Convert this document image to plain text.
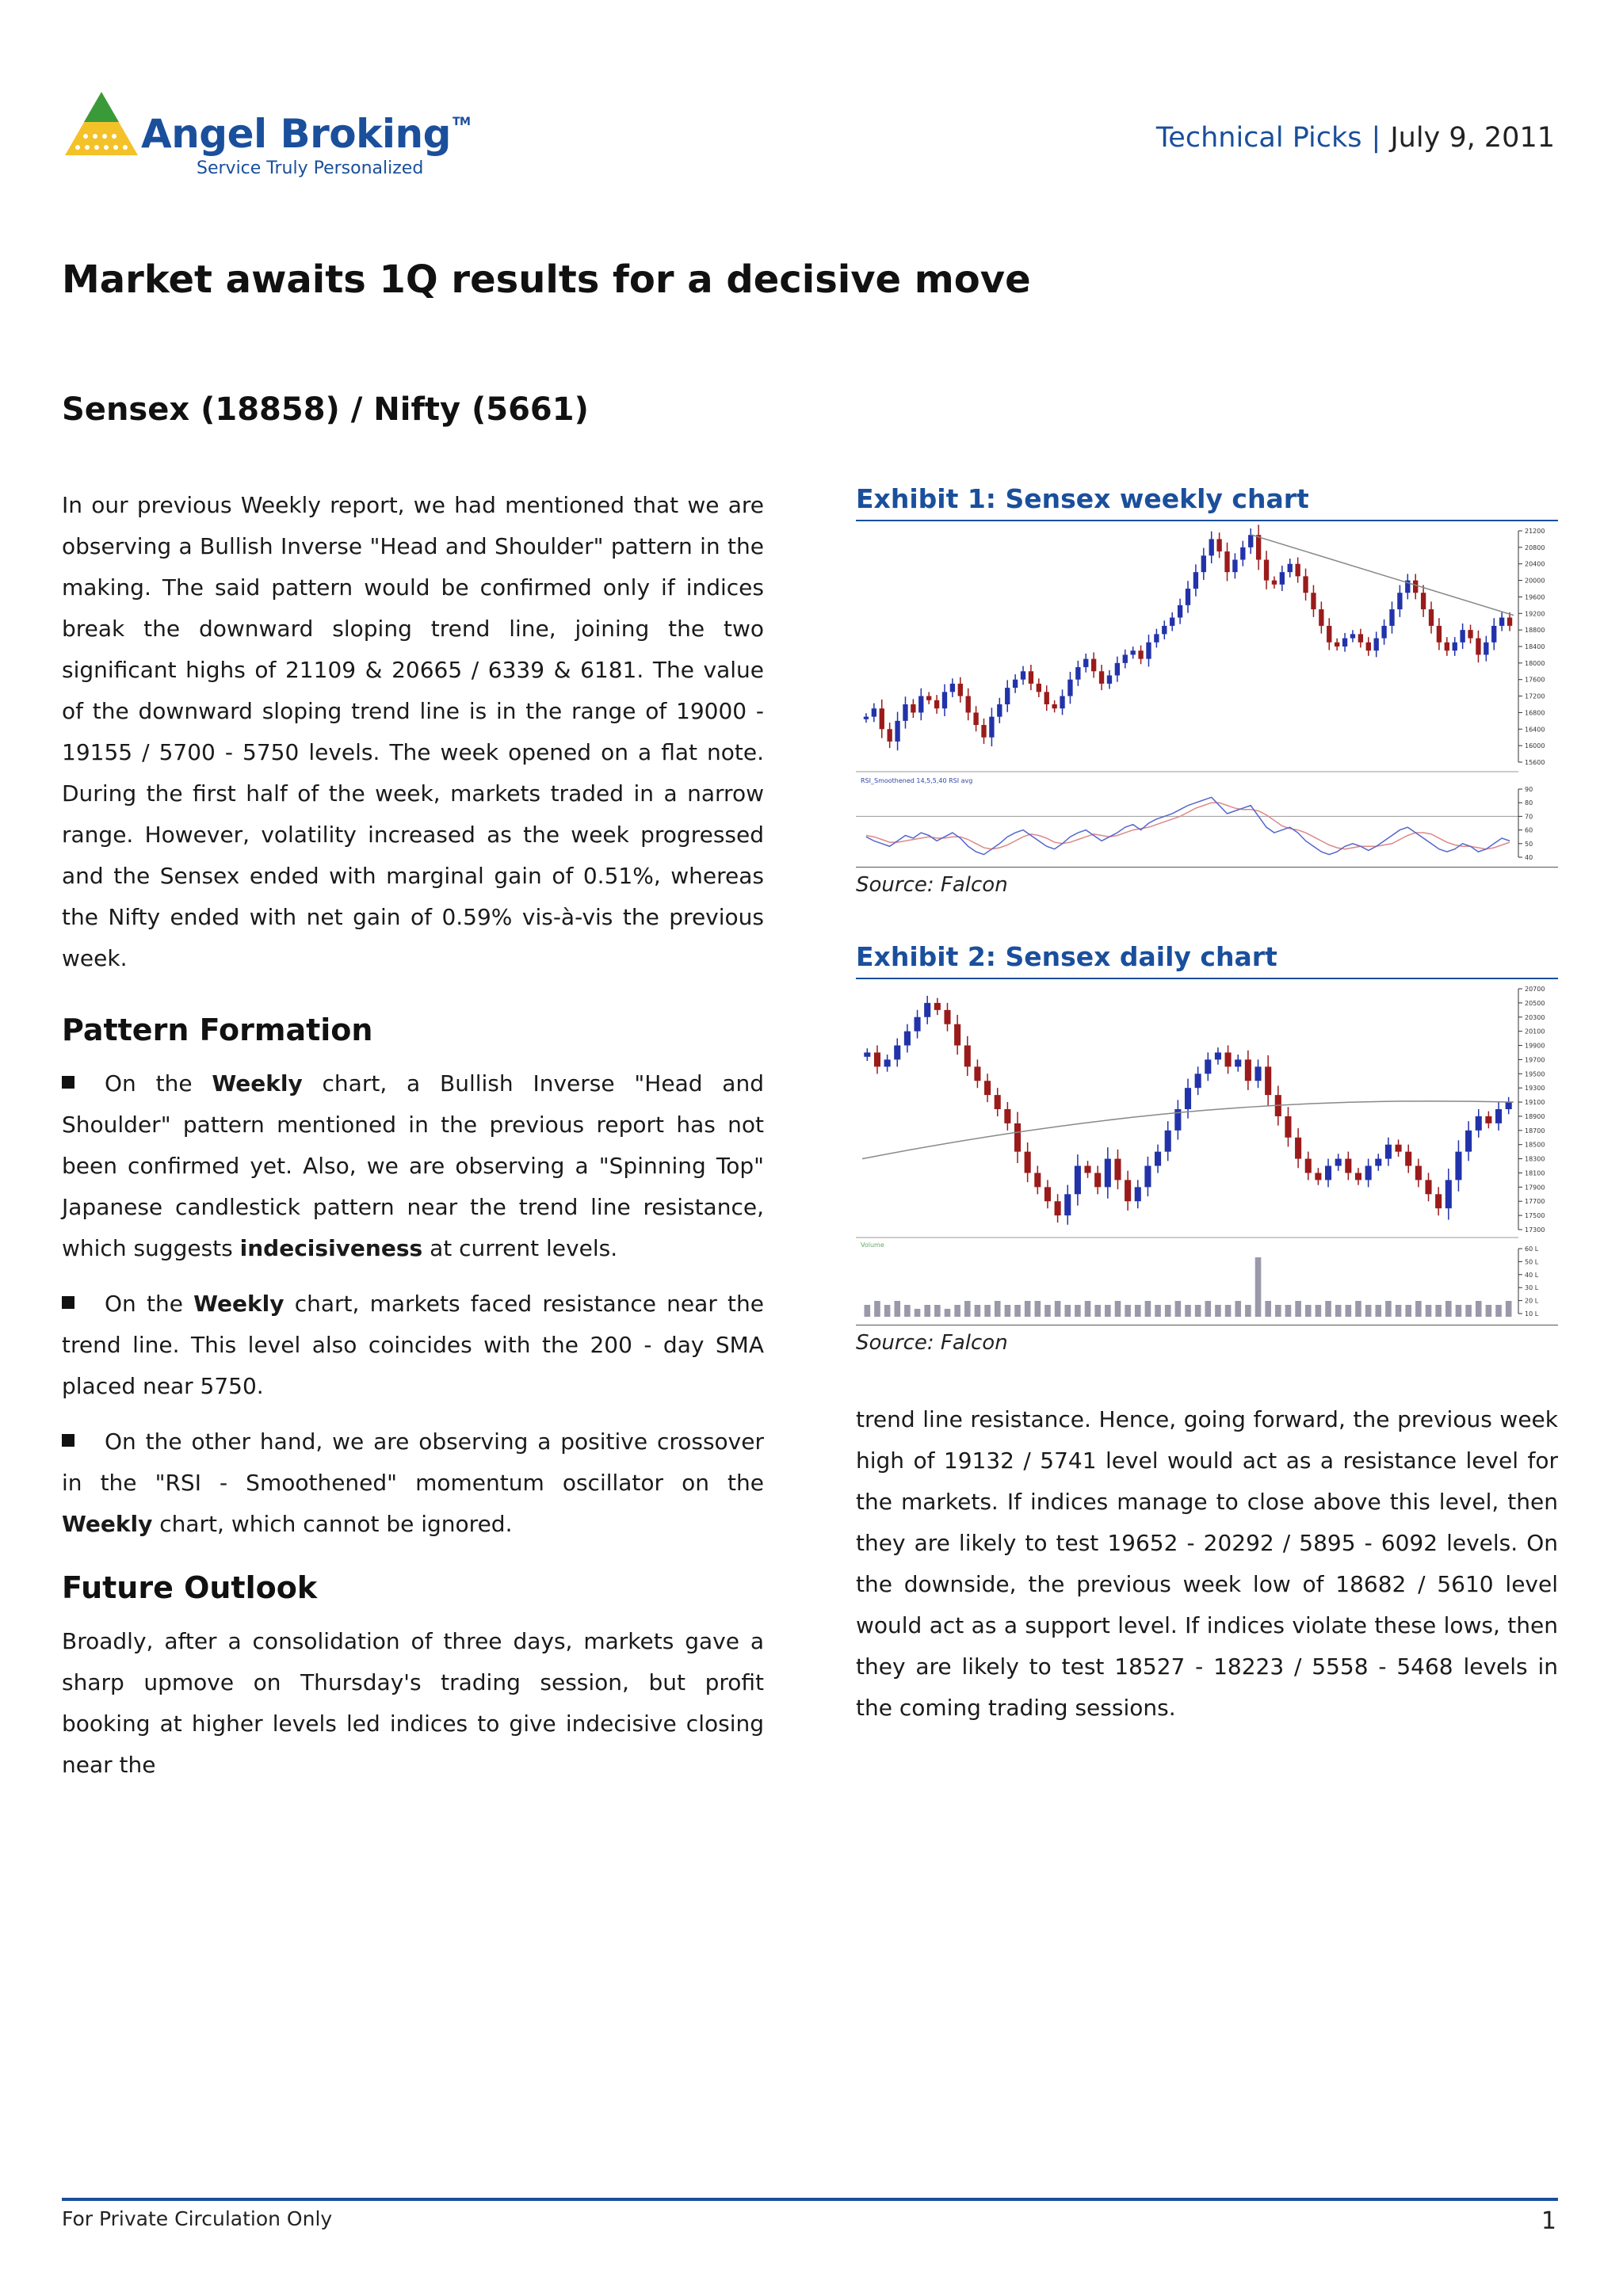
Angel Broking ™
Service Truly Personalized
Technical Picks | July 9, 2011
Market awaits 1Q results for a decisive move
Sensex (18858) / Nifty (5661)

In our previous Weekly report, we had mentioned that we are observing a Bullish Inverse "Head and Shoulder" pattern in the making. The said pattern would be confirmed only if indices break the downward sloping trend line, joining the two significant highs of 21109 & 20665 / 6339 & 6181. The value of the downward sloping trend line is in the range of 19000 - 19155 / 5700 - 5750 levels. The week opened on a flat note. During the first half of the week, markets traded in a narrow range. However, volatility increased as the week progressed and the Sensex ended with marginal gain of 0.51%, whereas the Nifty ended with net gain of 0.59% vis-à-vis the previous week.

Pattern Formation

On the Weekly chart, a Bullish Inverse "Head and Shoulder" pattern mentioned in the previous report has not been confirmed yet. Also, we are observing a "Spinning Top" Japanese candlestick pattern near the trend line resistance, which suggests indecisiveness at current levels.

On the Weekly chart, markets faced resistance near the trend line. This level also coincides with the 200 - day SMA placed near 5750.

On the other hand, we are observing a positive crossover in the "RSI - Smoothened" momentum oscillator on the Weekly chart, which cannot be ignored.

Future Outlook

Broadly, after a consolidation of three days, markets gave a sharp upmove on Thursday's trading session, but profit booking at higher levels led indices to give indecisive closing near the

Exhibit 1: Sensex weekly chart
21200
20800
20400
20000
19600
19200
18800
18400
18000
17600
17200
16800
16400
16000
15600
RSI_Smoothened 14,5,5,40 RSI avg
90
80
70
60
50
40
Source: Falcon
Exhibit 2: Sensex daily chart
20700
20500
20300
20100
19900
19700
19500
19300
19100
18900
18700
18500
18300
18100
17900
17700
17500
17300
Volume
60 L
50 L
40 L
30 L
20 L
10 L
Source: Falcon

trend line resistance. Hence, going forward, the previous week high of 19132 / 5741 level would act as a resistance level for the markets. If indices manage to close above this level, then they are likely to test 19652 - 20292 / 5895 - 6092 levels. On the downside, the previous week low of 18682 / 5610 level would act as a support level. If indices violate these lows, then they are likely to test 18527 - 18223 / 5558 - 5468 levels in the coming trading sessions.

For Private Circulation Only	1
